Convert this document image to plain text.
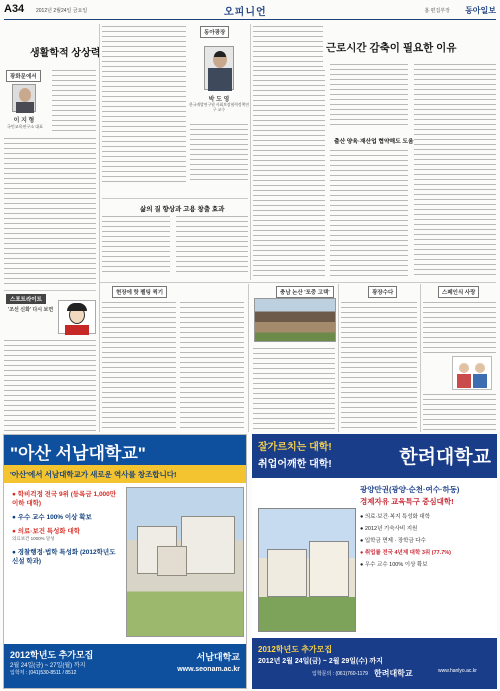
A34 2012년 2월24일 금요일	오피니언	홈 편집부장 동아일보
생활학적 상상력
광화문에서
이 지 형
국민교육연구소 대표
스포트라이트
'조선 신화' 다시 보면
동아광장
박 도 영
한국개발연구원 사회보장협력정책연구 교수
삶의 질 향상과 고용 창출 효과
근로시간 감축이 필요한 이유
출산 양육·재산업 협약해도 도움
현장에 핫 펠팅 찍기	충남 논산 '포중 고택'	광장수다	스페인식 사랑
"아산 서남대학교"
'아산'에서 서남대학교가 새로운 역사를 창조합니다!
● 학비걱정 전국 9위 (등록금 1,000만 이하 대학)
● 우수 교수 100% 이상 확보
● 의료·보건 특성화 대학
의료보건 1000% 달성
● 경찰행정·법학 특성화 (2012학년도 신설 학과)
2012학년도 추가모집
2월 24일(금) ~ 27일(월) 까지
입학처 : (041)530-8511 / 8512
서남대학교
www.seonam.ac.kr
잘가르치는 대학!
취업어깨한 대학!	한려대학교
광양만권(광양·순천·여수·하동)
경제자유 교육특구 중심대학!
● 의료·보건·복지 특성화 대학
● 2012년 기숙사비 지원
● 입학금 면제 · 장학금 다수
● 취업률 전국 4년제 대학 3위 (77.7%)
● 우수 교수 100% 이상 확보
2012학년도 추가모집
2012년 2월 24일(금) ~ 2월 29일(수) 까지
입학문의 : (061)760-1179 한려대학교	www.hanlyo.ac.kr
